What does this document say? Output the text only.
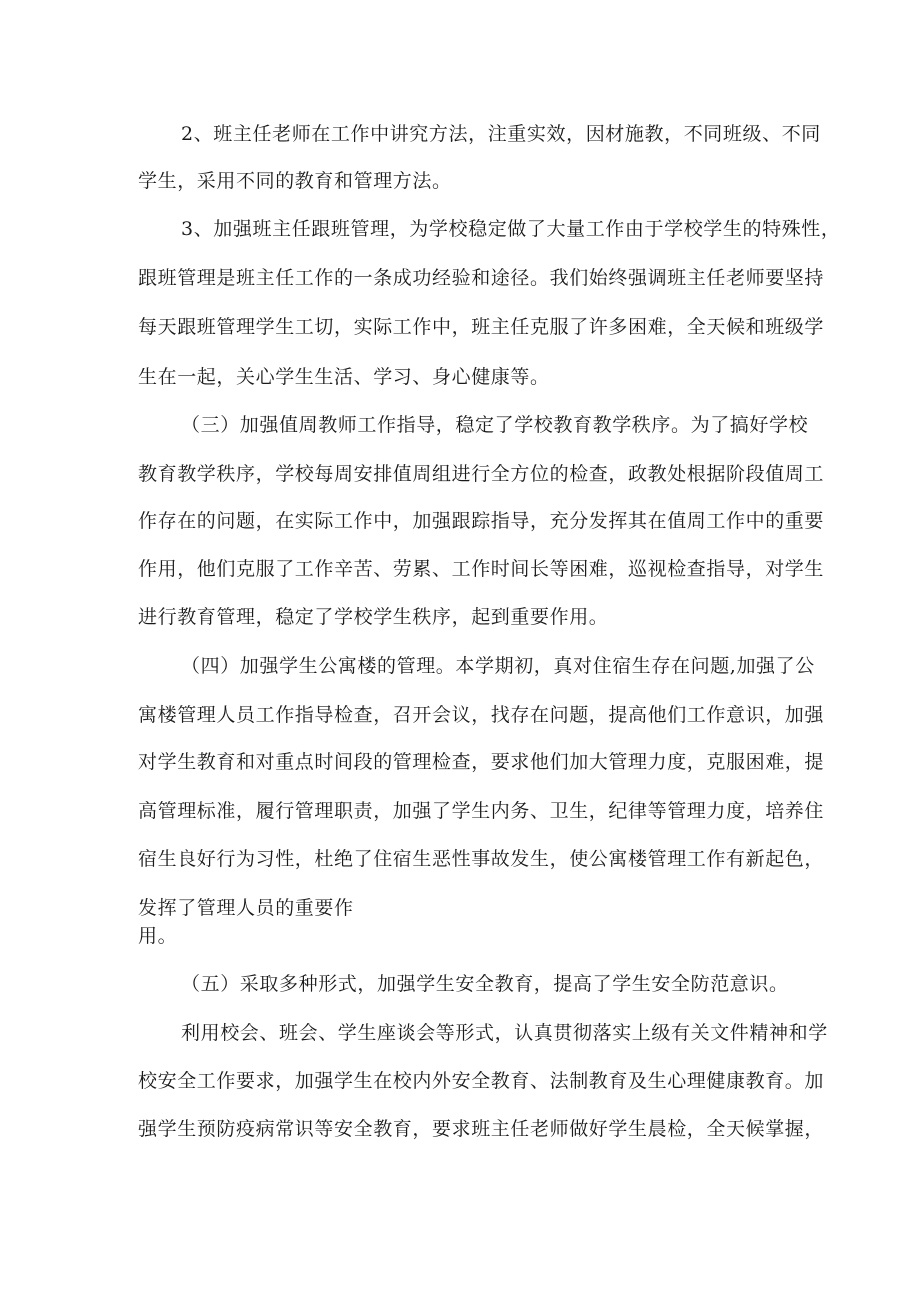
2、班主任老师在工作中讲究方法，注重实效，因材施教，不同班级、不同
学生，采用不同的教育和管理方法。
3、加强班主任跟班管理，为学校稳定做了大量工作由于学校学生的特殊性，
跟班管理是班主任工作的一条成功经验和途径。我们始终强调班主任老师要坚持
每天跟班管理学生工切，实际工作中，班主任克服了许多困难，全天候和班级学
生在一起，关心学生生活、学习、身心健康等。
（三）加强值周教师工作指导，稳定了学校教育教学秩序。为了搞好学校
教育教学秩序，学校每周安排值周组进行全方位的检查，政教处根据阶段值周工
作存在的问题，在实际工作中，加强跟踪指导，充分发挥其在值周工作中的重要
作用，他们克服了工作辛苦、劳累、工作时间长等困难，巡视检查指导，对学生
进行教育管理，稳定了学校学生秩序，起到重要作用。
（四）加强学生公寓楼的管理。本学期初，真对住宿生存在问题,加强了公
寓楼管理人员工作指导检查，召开会议，找存在问题，提高他们工作意识，加强
对学生教育和对重点时间段的管理检查，要求他们加大管理力度，克服困难，提
高管理标准，履行管理职责，加强了学生内务、卫生，纪律等管理力度，培养住
宿生良好行为习性，杜绝了住宿生恶性事故发生，使公寓楼管理工作有新起色，
发挥了管理人员的重要作
用。
（五）采取多种形式，加强学生安全教育，提高了学生安全防范意识。
利用校会、班会、学生座谈会等形式，认真贯彻落实上级有关文件精神和学
校安全工作要求，加强学生在校内外安全教育、法制教育及生心理健康教育。加
强学生预防疫病常识等安全教育，要求班主任老师做好学生晨检，全天候掌握，
